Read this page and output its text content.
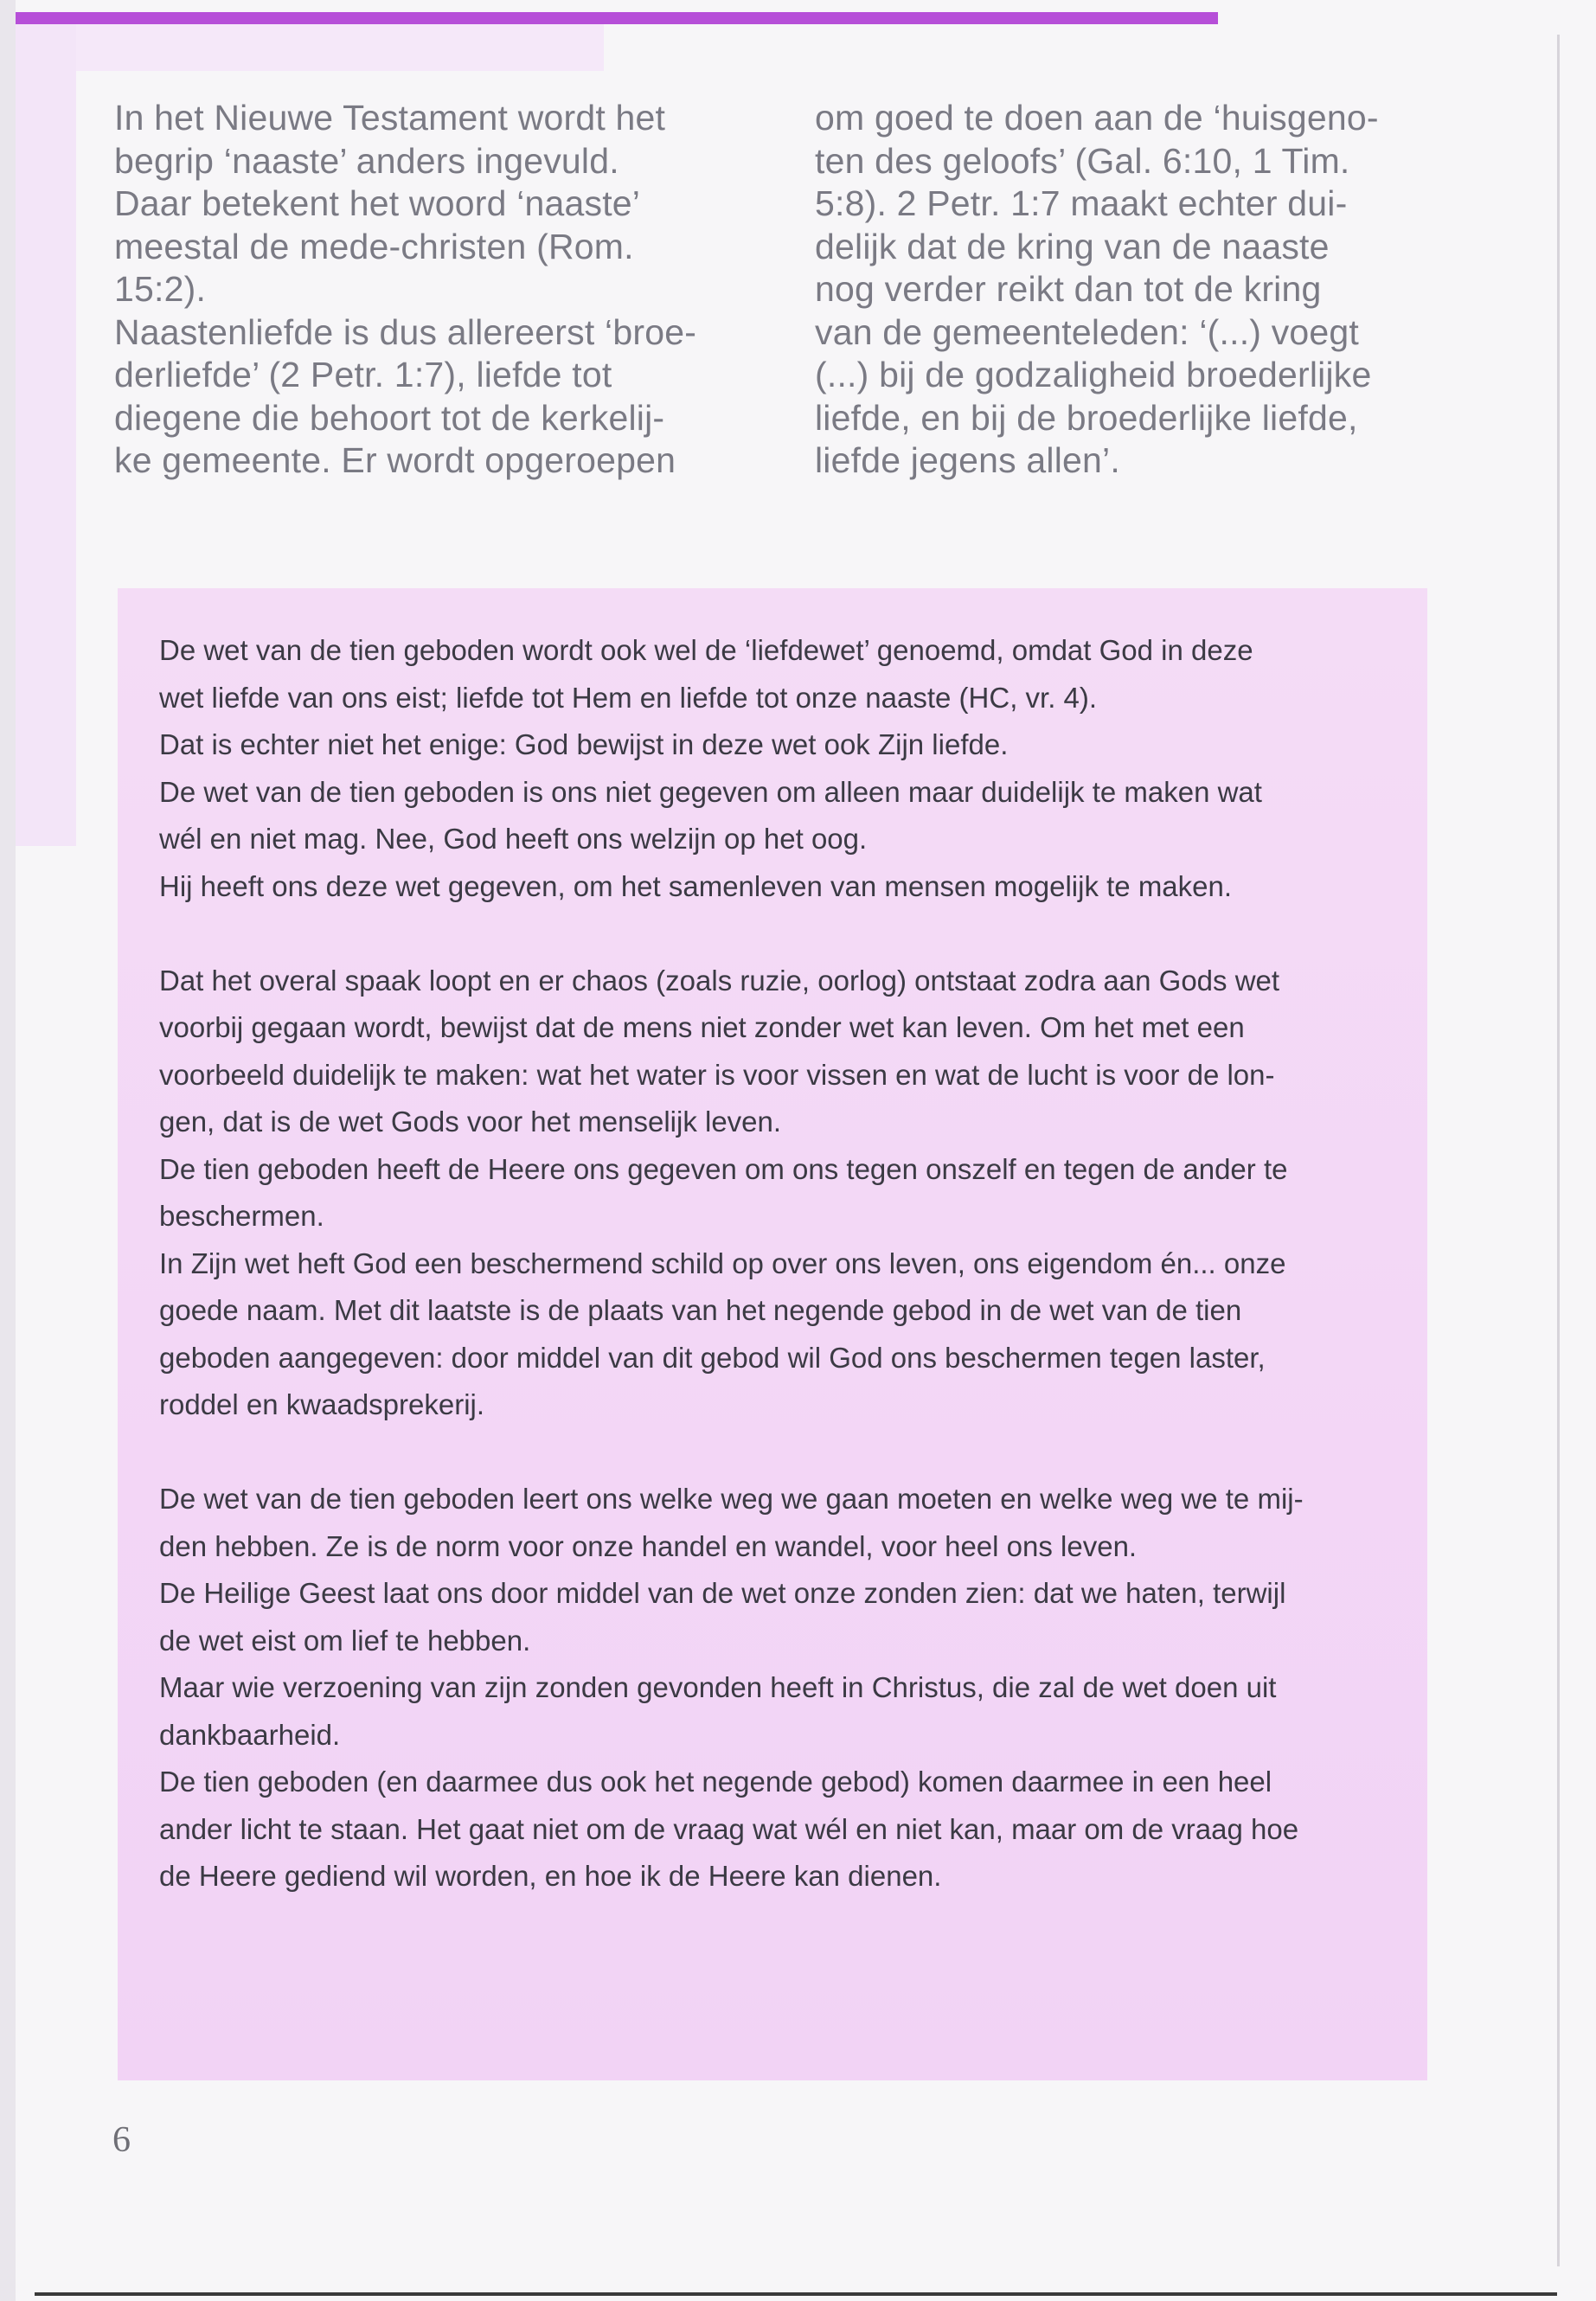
In het Nieuwe Testament wordt het
begrip ‘naaste’ anders ingevuld.
Daar betekent het woord ‘naaste’
meestal de mede-christen (Rom.
15:2).
Naastenliefde is dus allereerst ‘broe-
derliefde’ (2 Petr. 1:7), liefde tot
diegene die behoort tot de kerkelij-
ke gemeente. Er wordt opgeroepen

om goed te doen aan de ‘huisgeno-
ten des geloofs’ (Gal. 6:10, 1 Tim.
5:8). 2 Petr. 1:7 maakt echter dui-
delijk dat de kring van de naaste
nog verder reikt dan tot de kring
van de gemeenteleden: ‘(...) voegt
(...) bij de godzaligheid broederlijke
liefde, en bij de broederlijke liefde,
liefde jegens allen’.

De wet van de tien geboden wordt ook wel de ‘liefdewet’ genoemd, omdat God in deze
wet liefde van ons eist; liefde tot Hem en liefde tot onze naaste (HC, vr. 4).

Dat is echter niet het enige: God bewijst in deze wet ook Zijn liefde.

De wet van de tien geboden is ons niet gegeven om alleen maar duidelijk te maken wat
wél en niet mag. Nee, God heeft ons welzijn op het oog.

Hij heeft ons deze wet gegeven, om het samenleven van mensen mogelijk te maken.

Dat het overal spaak loopt en er chaos (zoals ruzie, oorlog) ontstaat zodra aan Gods wet
voorbij gegaan wordt, bewijst dat de mens niet zonder wet kan leven. Om het met een
voorbeeld duidelijk te maken: wat het water is voor vissen en wat de lucht is voor de lon-
gen, dat is de wet Gods voor het menselijk leven.

De tien geboden heeft de Heere ons gegeven om ons tegen onszelf en tegen de ander te
beschermen.

In Zijn wet heft God een beschermend schild op over ons leven, ons eigendom én... onze
goede naam. Met dit laatste is de plaats van het negende gebod in de wet van de tien
geboden aangegeven: door middel van dit gebod wil God ons beschermen tegen laster,
roddel en kwaadsprekerij.

De wet van de tien geboden leert ons welke weg we gaan moeten en welke weg we te mij-
den hebben. Ze is de norm voor onze handel en wandel, voor heel ons leven.

De Heilige Geest laat ons door middel van de wet onze zonden zien: dat we haten, terwijl
de wet eist om lief te hebben.

Maar wie verzoening van zijn zonden gevonden heeft in Christus, die zal de wet doen uit
dankbaarheid.

De tien geboden (en daarmee dus ook het negende gebod) komen daarmee in een heel
ander licht te staan. Het gaat niet om de vraag wat wél en niet kan, maar om de vraag hoe
de Heere gediend wil worden, en hoe ik de Heere kan dienen.

6
